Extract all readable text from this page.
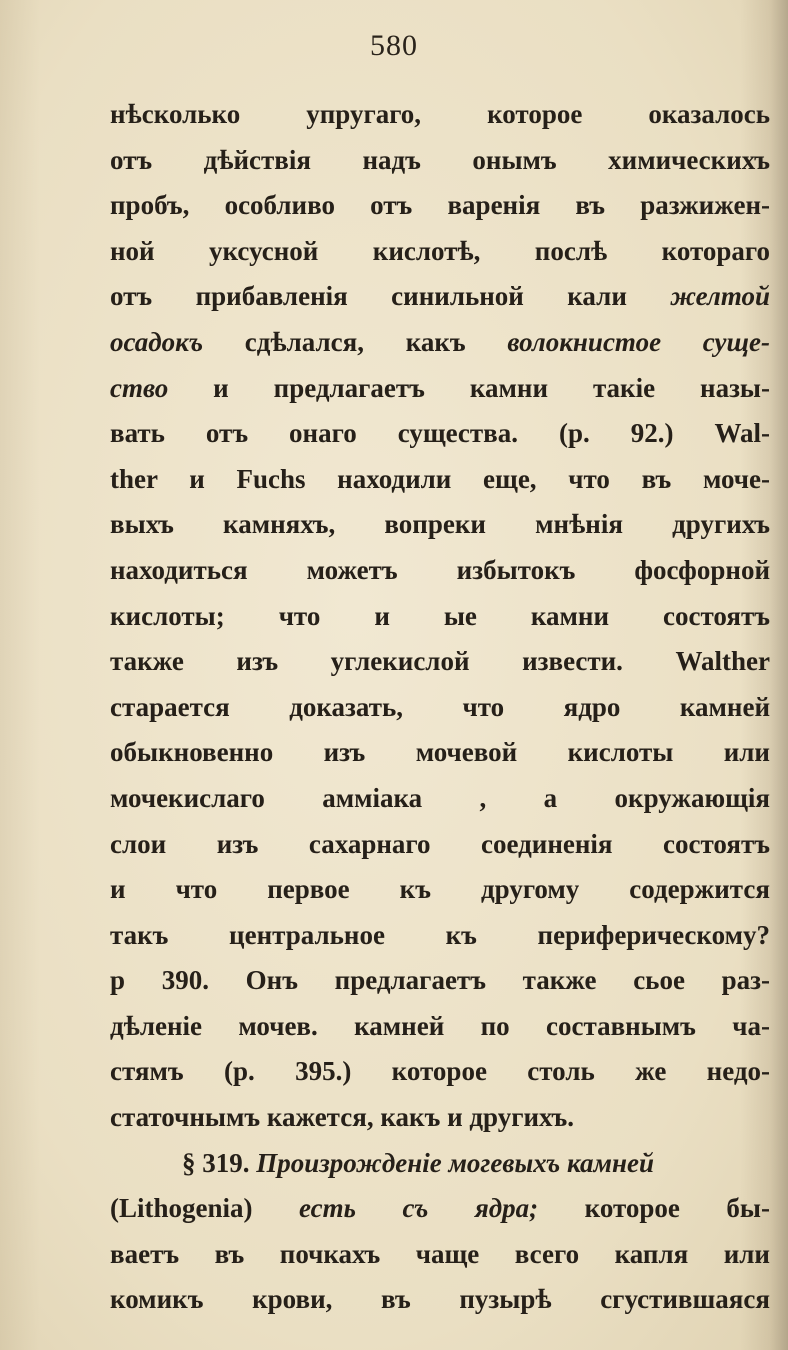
580
нѣсколько упругаго, которое оказалось
отъ дѣйствія надъ онымъ химическихъ
пробъ, особливо отъ варенія въ разжижен-
ной уксусной кислотѣ, послѣ которaго
отъ прибавленія синильной кали желтой
осадокъ сдѣлался, какъ волокнистое суще-
ство и предлагаетъ камни такіе назы-
вать отъ онаго существа. (р. 92.) Wal-
ther и Fuchs находили еще, что въ моче-
выхъ камняхъ, вопреки мнѣнія другихъ
находиться можетъ избытокъ фосфорной
кислоты; что и ые камни состоятъ
также изъ углекислой извести. Walther
старается доказать, что ядро камней
обыкновенно изъ мочевой кислоты или
мочекислаго амміака , а окружающія
слои изъ сахарнаго соединенія состоятъ
и что первое къ другому содержится
такъ центральное къ периферическому?
р 390. Онъ предлагаетъ также сьое раз-
дѣленіе мочев. камней по составнымъ ча-
стямъ (р. 395.) которое столь же недо-
статочнымъ кажется, какъ и другихъ.
§ 319. Произрожденіе могевыхъ камней
(Lithogenia) есть съ ядра; которое бы-
ваетъ въ почкахъ чаще всего капля или
комикъ крови, въ пузырѣ сгустившаяся
